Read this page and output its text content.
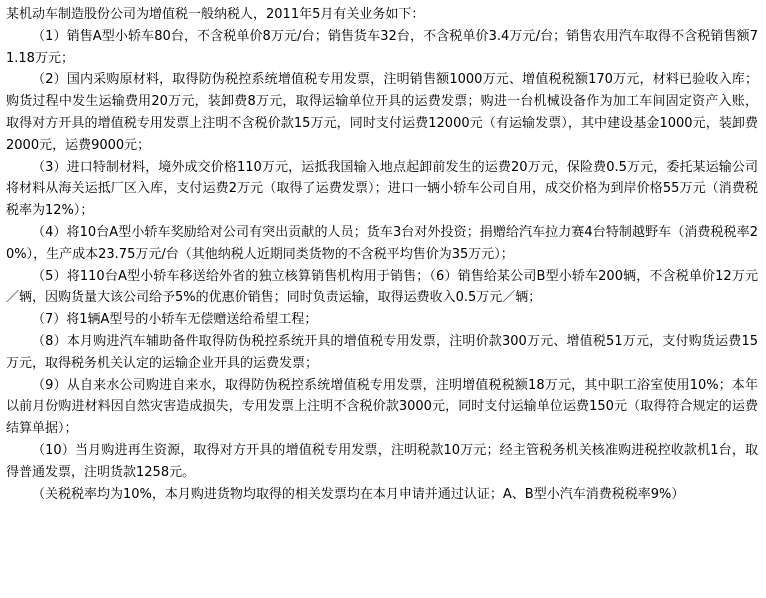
某机动车制造股份公司为增值税一般纳税人，2011年5月有关业务如下：

（1）销售A型小轿车80台，不含税单价8万元/台；销售货车32台，不含税单价3.4万元/台；销售农用汽车取得不含税销售额71.18万元；

（2）国内采购原材料，取得防伪税控系统增值税专用发票，注明销售额1000万元、增值税税额170万元，材料已验收入库；购货过程中发生运输费用20万元，装卸费8万元，取得运输单位开具的运费发票；购进一台机械设备作为加工车间固定资产入账，取得对方开具的增值税专用发票上注明不含税价款15万元，同时支付运费12000元（有运输发票），其中建设基金1000元，装卸费2000元，运费9000元；

（3）进口特制材料，境外成交价格110万元，运抵我国输入地点起卸前发生的运费20万元，保险费0.5万元，委托某运输公司将材料从海关运抵厂区入库，支付运费2万元（取得了运费发票）；进口一辆小轿车公司自用，成交价格为到岸价格55万元（消费税税率为12%）；

（4）将10台A型小轿车奖励给对公司有突出贡献的人员；货车3台对外投资；捐赠给汽车拉力赛4台特制越野车（消费税税率20%），生产成本23.75万元/台（其他纳税人近期同类货物的不含税平均售价为35万元）；

（5）将110台A型小轿车移送给外省的独立核算销售机构用于销售；（6）销售给某公司B型小轿车200辆，不含税单价12万元／辆，因购货量大该公司给予5%的优惠价销售；同时负责运输，取得运费收入0.5万元／辆；

（7）将1辆A型号的小轿车无偿赠送给希望工程；

（8）本月购进汽车辅助备件取得防伪税控系统开具的增值税专用发票，注明价款300万元、增值税51万元，支付购货运费15万元，取得税务机关认定的运输企业开具的运费发票；

（9）从自来水公司购进自来水，取得防伪税控系统增值税专用发票，注明增值税税额18万元，其中职工浴室使用10%；本年以前月份购进材料因自然灾害造成损失，专用发票上注明不含税价款3000元，同时支付运输单位运费150元（取得符合规定的运费结算单据）；

（10）当月购进再生资源，取得对方开具的增值税专用发票，注明税款10万元；经主管税务机关核准购进税控收款机1台，取得普通发票，注明货款1258元。

（关税税率均为10%，本月购进货物均取得的相关发票均在本月申请并通过认证；A、B型小汽车消费税税率9%）
